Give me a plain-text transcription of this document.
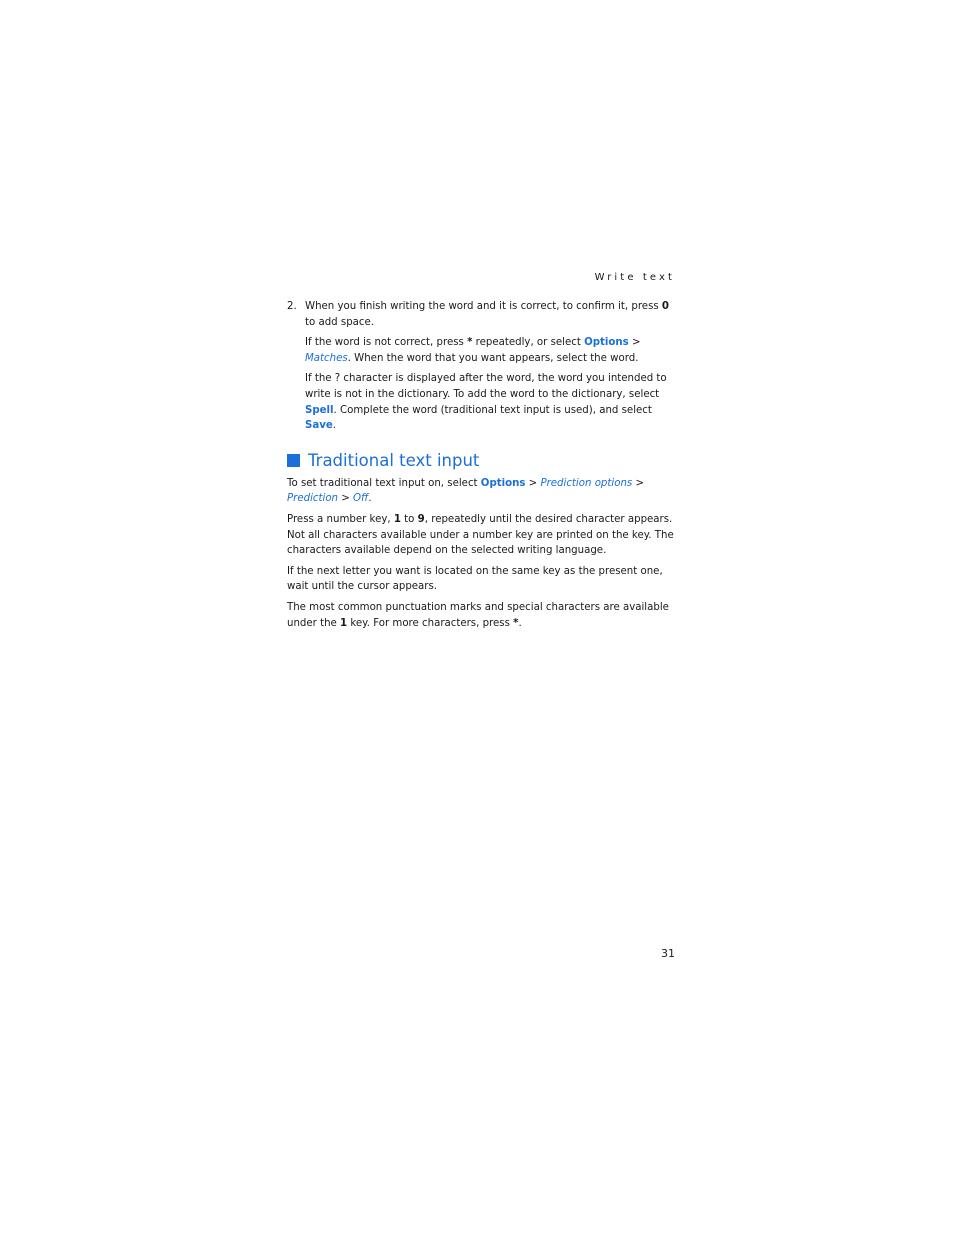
Write text
2. When you finish writing the word and it is correct, to confirm it, press 0 to add space.

If the word is not correct, press * repeatedly, or select Options > Matches. When the word that you want appears, select the word.

If the ? character is displayed after the word, the word you intended to write is not in the dictionary. To add the word to the dictionary, select Spell. Complete the word (traditional text input is used), and select Save.

Traditional text input

To set traditional text input on, select Options > Prediction options > Prediction > Off.

Press a number key, 1 to 9, repeatedly until the desired character appears. Not all characters available under a number key are printed on the key. The characters available depend on the selected writing language.

If the next letter you want is located on the same key as the present one, wait until the cursor appears.

The most common punctuation marks and special characters are available under the 1 key. For more characters, press *.

31
